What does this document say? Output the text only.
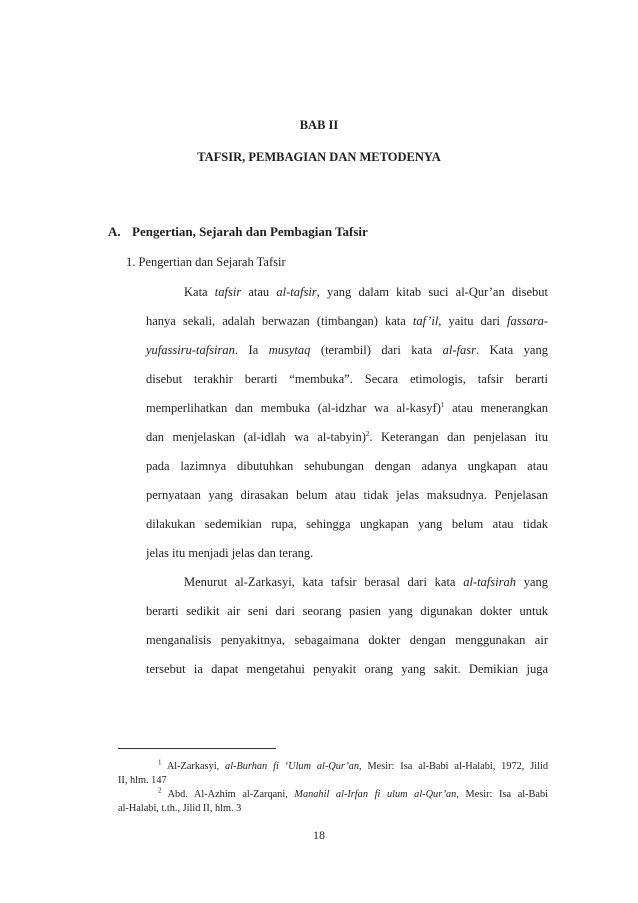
BAB II
TAFSIR, PEMBAGIAN DAN METODENYA
A. Pengertian, Sejarah dan Pembagian Tafsir
1. Pengertian dan Sejarah Tafsir
Kata tafsir atau al-tafsir, yang dalam kitab suci al-Qur’an disebut
hanya sekali, adalah berwazan (timbangan) kata taf’il, yaitu dari fassara-
yufassiru-tafsiran. Ia musytaq (terambil) dari kata al-fasr. Kata yang
disebut terakhir berarti “membuka”. Secara etimologis, tafsir berarti
memperlihatkan dan membuka (al-idzhar wa al-kasyf)$^1$ atau menerangkan
dan menjelaskan (al-idlah wa al-tabyin)$^2$. Keterangan dan penjelasan itu
pada lazimnya dibutuhkan sehubungan dengan adanya ungkapan atau
pernyataan yang dirasakan belum atau tidak jelas maksudnya. Penjelasan
dilakukan sedemikian rupa, sehingga ungkapan yang belum atau tidak
jelas itu menjadi jelas dan terang.
Menurut al-Zarkasyi, kata tafsir berasal dari kata al-tafsirah yang
berarti sedikit air seni dari seorang pasien yang digunakan dokter untuk
menganalisis penyakitnya, sebagaimana dokter dengan menggunakan air
tersebut ia dapat mengetahui penyakit orang yang sakit. Demikian juga
$^1$ Al-Zarkasyi, al-Burhan fi ‘Ulum al-Qur’an, Mesir: Isa al-Babi al-Halabi, 1972, Jilid
II, hlm. 147
$^2$ Abd. Al-Azhim al-Zarqani, Manahil al-Irfan fi ulum al-Qur’an, Mesir: Isa al-Babi
al-Halabi, t.th., Jilid II, hlm. 3
18
